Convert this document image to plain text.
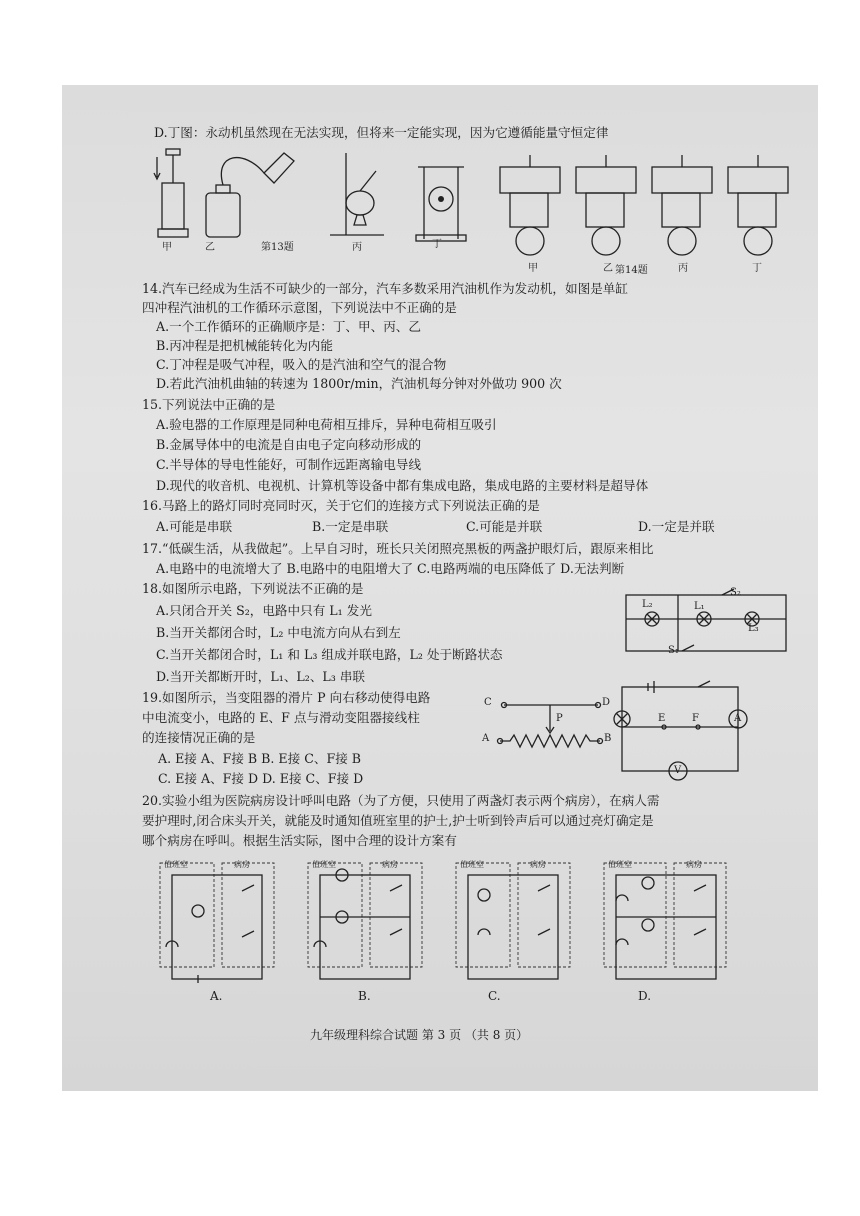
D.丁图：永动机虽然现在无法实现，但将来一定能实现，因为它遵循能量守恒定律
甲	乙	第13题	丙	丁
甲	乙 第14题	丙	丁
14.汽车已经成为生活不可缺少的一部分，汽车多数采用汽油机作为发动机，如图是单缸
四冲程汽油机的工作循环示意图，下列说法中不正确的是
A.一个工作循环的正确顺序是：丁、甲、丙、乙
B.丙冲程是把机械能转化为内能
C.丁冲程是吸气冲程，吸入的是汽油和空气的混合物
D.若此汽油机曲轴的转速为 1800r/min，汽油机每分钟对外做功 900 次
15.下列说法中正确的是
A.验电器的工作原理是同种电荷相互排斥，异种电荷相互吸引
B.金属导体中的电流是自由电子定向移动形成的
C.半导体的导电性能好，可制作远距离输电导线
D.现代的收音机、电视机、计算机等设备中都有集成电路，集成电路的主要材料是超导体
16.马路上的路灯同时亮同时灭，关于它们的连接方式下列说法正确的是
A.可能是串联	B.一定是串联	C.可能是并联	D.一定是并联
17.“低碳生活，从我做起”。上早自习时，班长只关闭照亮黑板的两盏护眼灯后，跟原来相比
A.电路中的电流增大了 B.电路中的电阻增大了 C.电路两端的电压降低了 D.无法判断
18.如图所示电路，下列说法不正确的是
A.只闭合开关 S₂，电路中只有 L₁ 发光
B.当开关都闭合时，L₂ 中电流方向从右到左
C.当开关都闭合时，L₁ 和 L₃ 组成并联电路，L₂ 处于断路状态
D.当开关都断开时，L₁、L₂、L₃ 串联
L₂
S₂
L₁
L₃
S₁
19.如图所示，当变阻器的滑片 P 向右移动使得电路
中电流变小，电路的 E、F 点与滑动变阻器接线柱
的连接情况正确的是
A. E接 A、F接 B B. E接 C、F接 B
C. E接 A、F接 D D. E接 C、F接 D
C	D
P
A	B
E	F	A
V
20.实验小组为医院病房设计呼叫电路（为了方便，只使用了两盏灯表示两个病房），在病人需
要护理时,闭合床头开关，就能及时通知值班室里的护士,护士听到铃声后可以通过亮灯确定是
哪个病房在呼叫。根据生活实际，图中合理的设计方案有
值班室	病房	值班室	病房	值班室	病房	值班室	病房
A.	B.	C.	D.
九年级理科综合试题 第 3 页 （共 8 页）
